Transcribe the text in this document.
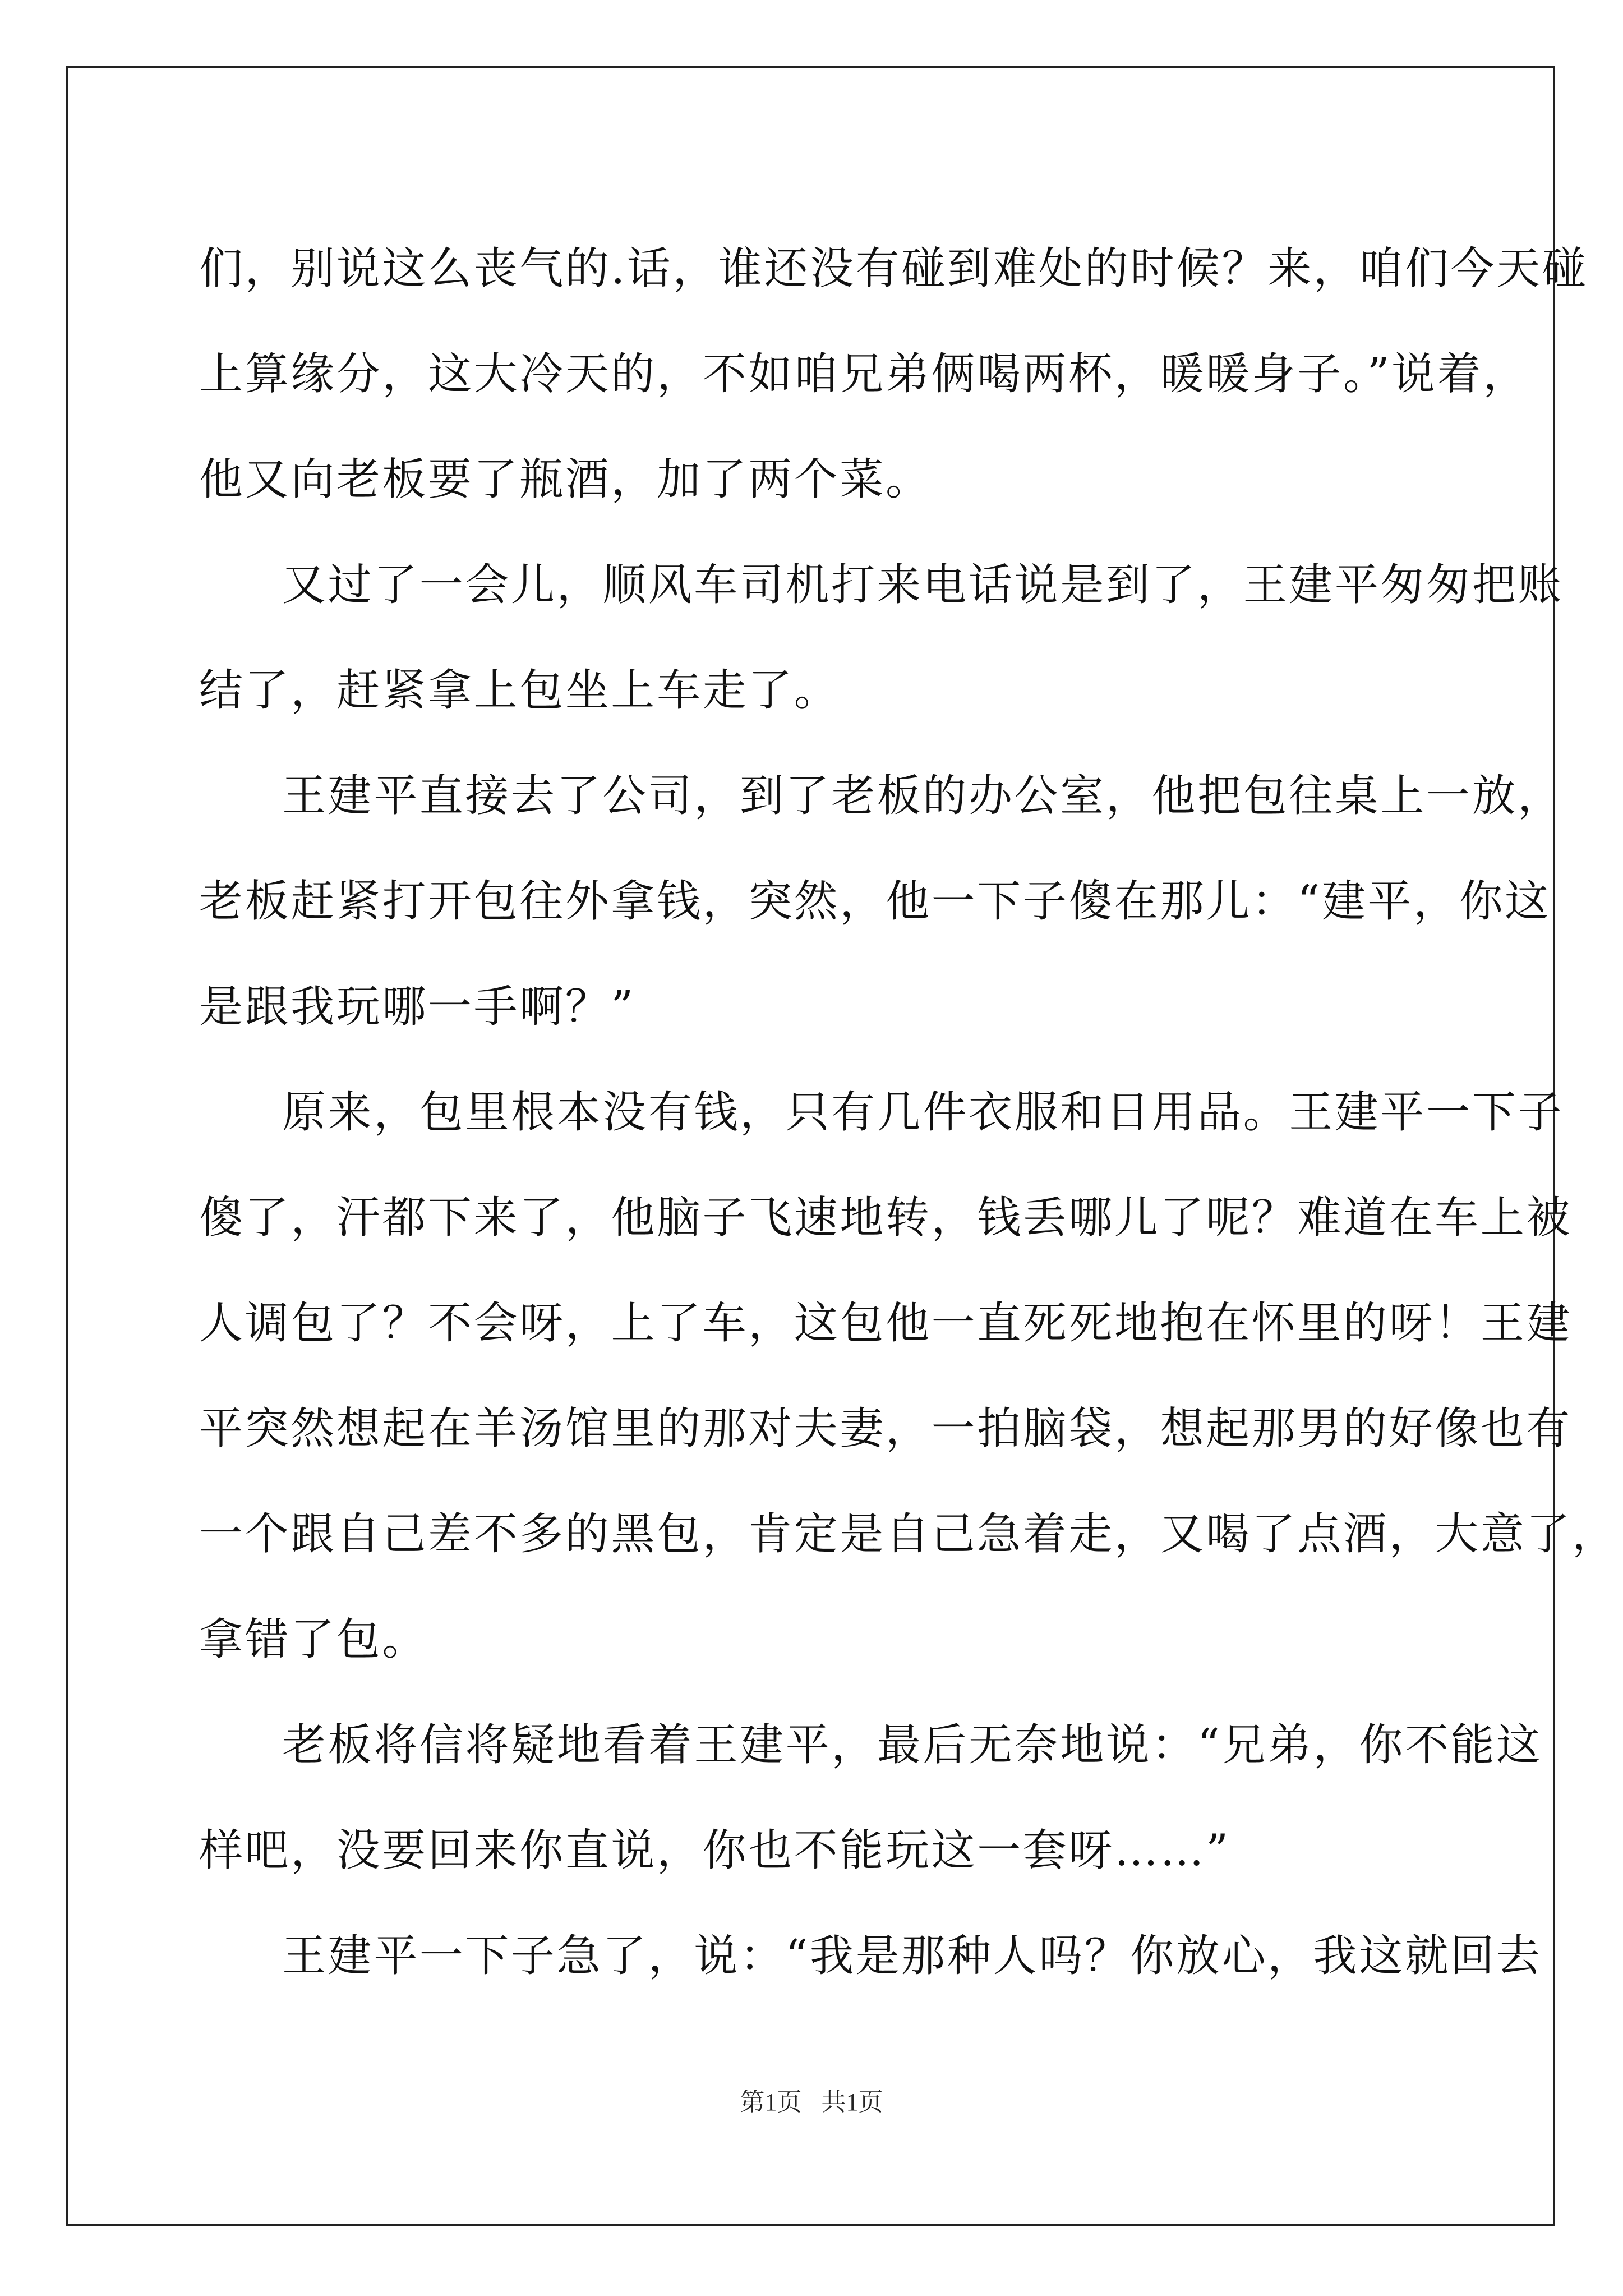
们，别说这么丧气的.话，谁还没有碰到难处的时候？来，咱们今天碰
上算缘分，这大冷天的，不如咱兄弟俩喝两杯，暖暖身子。”说着，
他又向老板要了瓶酒，加了两个菜。
又过了一会儿，顺风车司机打来电话说是到了，王建平匆匆把账
结了，赶紧拿上包坐上车走了。
王建平直接去了公司，到了老板的办公室，他把包往桌上一放，
老板赶紧打开包往外拿钱，突然，他一下子傻在那儿：“建平，你这
是跟我玩哪一手啊？”
原来，包里根本没有钱，只有几件衣服和日用品。王建平一下子
傻了，汗都下来了，他脑子飞速地转，钱丢哪儿了呢？难道在车上被
人调包了？不会呀，上了车，这包他一直死死地抱在怀里的呀！王建
平突然想起在羊汤馆里的那对夫妻，一拍脑袋，想起那男的好像也有
一个跟自己差不多的黑包，肯定是自己急着走，又喝了点酒，大意了，
拿错了包。
老板将信将疑地看着王建平，最后无奈地说：“兄弟，你不能这
样吧，没要回来你直说，你也不能玩这一套呀……”
王建平一下子急了，说：“我是那种人吗？你放心，我这就回去
第1页 共1页
